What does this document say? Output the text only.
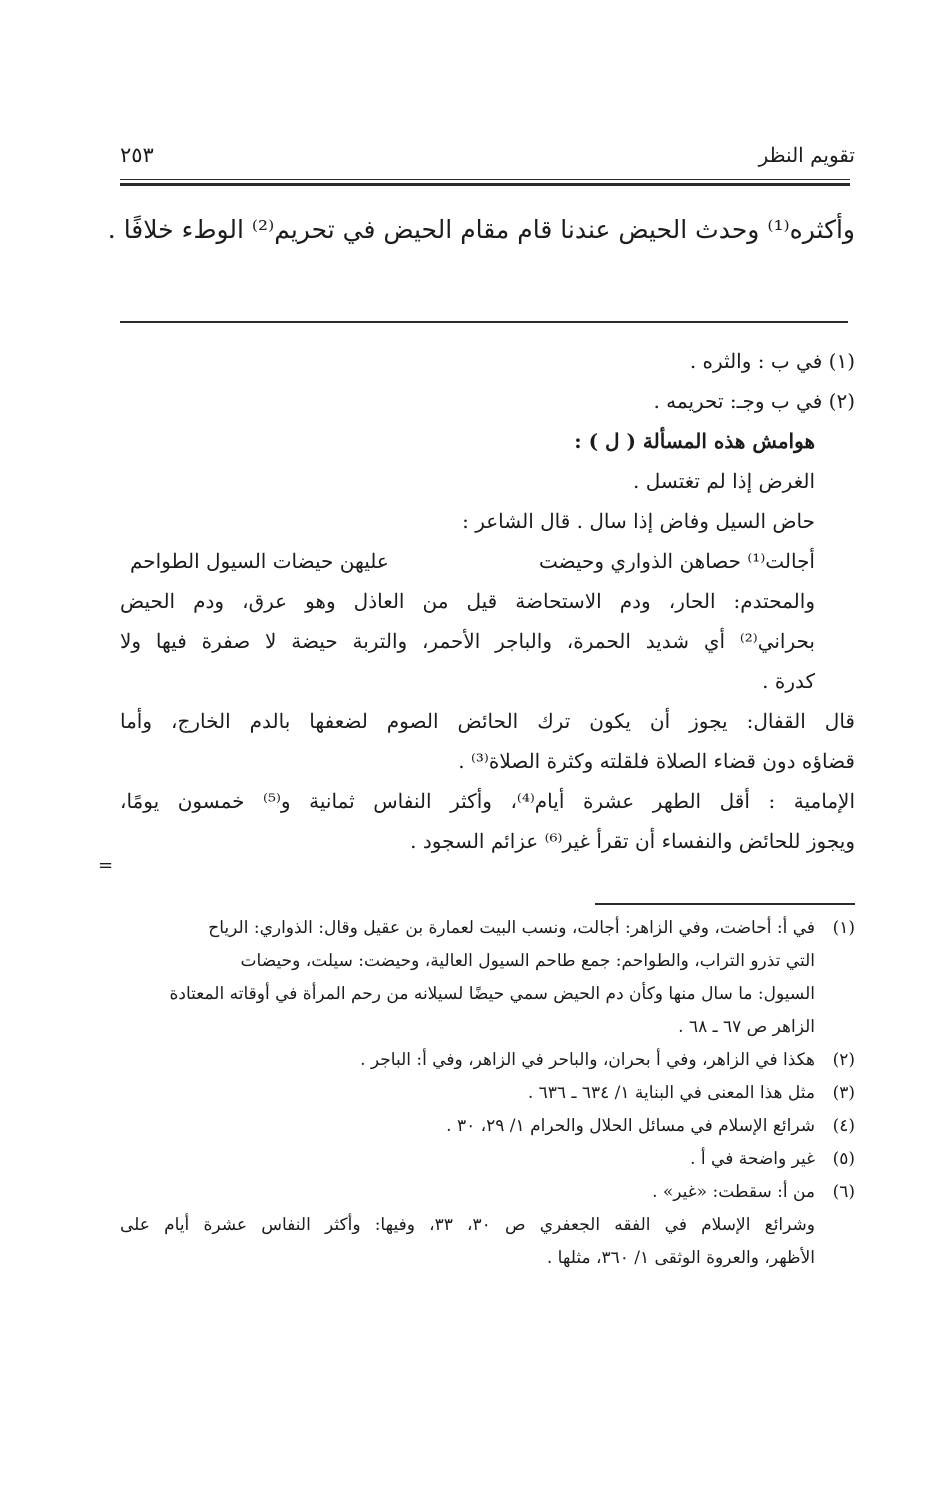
تقويم النظر
٢٥٣
وأكثره⁽¹⁾ وحدث الحيض عندنا قام مقام الحيض في تحريم⁽²⁾ الوطء خلافًا .
(١) في ب : والثره .
(٢) في ب وجـ: تحريمه .
هوامش هذه المسألة ( ل ) :
الغرض إذا لم تغتسل .
حاض السيل وفاض إذا سال . قال الشاعر :
أجالت⁽¹⁾ حصاهن الذواري وحيضت
عليهن حيضات السيول الطواحم
والمحتدم: الحار، ودم الاستحاضة قيل من العاذل وهو عرق، ودم الحيض
بحراني⁽²⁾ أي شديد الحمرة، والباجر الأحمر، والتربة حيضة لا صفرة فيها ولا
كدرة .
قال القفال: يجوز أن يكون ترك الحائض الصوم لضعفها بالدم الخارج، وأما
قضاؤه دون قضاء الصلاة فلقلته وكثرة الصلاة⁽³⁾ .
الإمامية : أقل الطهر عشرة أيام⁽⁴⁾، وأكثر النفاس ثمانية و⁽⁵⁾ خمسون يومًا،
ويجوز للحائض والنفساء أن تقرأ غير⁽⁶⁾ عزائم السجود .
=
(١)في أ: أحاضت، وفي الزاهر: أجالت، ونسب البيت لعمارة بن عقيل وقال: الذواري: الرياح
التي تذرو التراب، والطواحم: جمع طاحم السيول العالية، وحيضت: سيلت، وحيضات
السيول: ما سال منها وكأن دم الحيض سمي حيضًا لسيلانه من رحم المرأة في أوقاته المعتادة
الزاهر ص ٦٧ ـ ٦٨ .
(٢)هكذا في الزاهر، وفي أ بحران، والباحر في الزاهر، وفي أ: الباجر .
(٣)مثل هذا المعنى في البناية ١/ ٦٣٤ ـ ٦٣٦ .
(٤)شرائع الإسلام في مسائل الحلال والحرام ١/ ٢٩، ٣٠ .
(٥)غير واضحة في أ .
(٦)من أ: سقطت: «غير» .
وشرائع الإسلام في الفقه الجعفري ص ٣٠، ٣٣، وفيها: وأكثر النفاس عشرة أيام على
الأظهر، والعروة الوثقى ١/ ٣٦٠، مثلها .
